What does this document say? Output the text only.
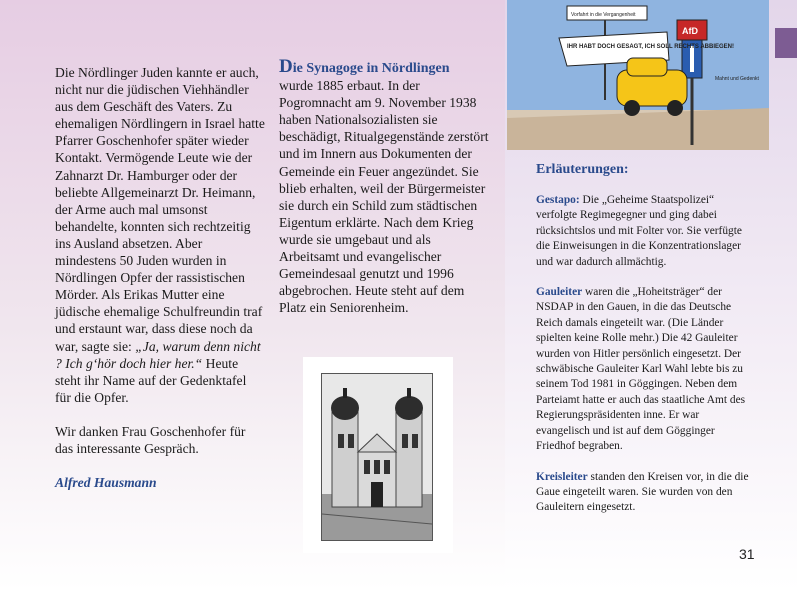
Die Nördlinger Juden kannte er auch, nicht nur die jüdischen Viehhändler aus dem Geschäft des Vaters. Zu ehemaligen Nördlingern in Israel hatte Pfarrer Goschenhofer später wieder Kontakt. Vermögende Leute wie der Zahnarzt Dr. Hamburger oder der beliebte Allgemeinarzt Dr. Heimann, der Arme auch mal umsonst behandelte, konnten sich rechtzeitig ins Ausland absetzen. Aber mindestens 50 Juden wurden in Nördlingen Opfer der rassistischen Mörder. Als Erikas Mutter eine jüdische ehemalige Schulfreundin traf und erstaunt war, dass diese noch da war, sagte sie: „Ja, warum denn nicht ? Ich g‘hör doch hier her.“ Heute steht ihr Name auf der Gedenktafel für die Opfer.

Wir danken Frau Goschenhofer für das interessante Gespräch.

Alfred Hausmann

Die Synagoge in Nördlingen
wurde 1885 erbaut. In der Pogromnacht am 9. November 1938 haben Nationalsozialisten sie beschädigt, Ritualgegenstände zerstört und im Innern aus Dokumenten der Gemeinde ein Feuer angezündet. Sie blieb erhalten, weil der Bürgermeister sie durch ein Schild zum städtischen Eigentum erklärte. Nach dem Krieg wurde sie umgebaut und als Arbeitsamt und evangelischer Gemeindesaal genutzt und 1996 abgebrochen. Heute steht auf dem Platz ein Seniorenheim.

Vorfahrt in die Vergangenheit
AfD
IHR HABT DOCH GESAGT, ICH SOLL RECHTS ABBIEGEN!
Mahnt und Gedenkt
Erläuterungen:

Gestapo: Die „Geheime Staatspolizei“ verfolgte Regimegegner und ging dabei rücksichtslos und mit Folter vor. Sie verfügte die Einweisungen in die Konzentrationslager und war dadurch allmächtig.

Gauleiter waren die „Hoheitsträger“ der NSDAP in den Gauen, in die das Deutsche Reich damals eingeteilt war. (Die Länder spielten keine Rolle mehr.) Die 42 Gauleiter wurden von Hitler persönlich eingesetzt. Der schwäbische Gauleiter Karl Wahl lebte bis zu seinem Tod 1981 in Göggingen. Neben dem Parteiamt hatte er auch das staatliche Amt des Regierungspräsidenten inne. Er war evangelisch und ist auf dem Gögginger Friedhof begraben.

Kreisleiter standen den Kreisen vor, in die die Gaue eingeteilt waren. Sie wurden von den Gauleitern eingesetzt.

31
